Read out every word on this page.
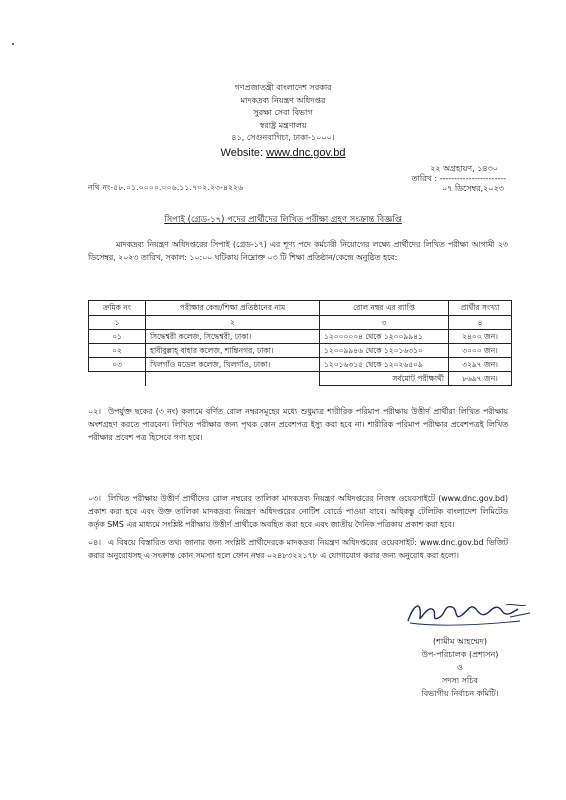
গণপ্রজাতন্ত্রী বাংলাদেশ সরকার
মাদকদ্রব্য নিয়ন্ত্রণ অধিদপ্তর
সুরক্ষা সেবা বিভাগ
স্বরাষ্ট্র মন্ত্রণালয়
৪১, সেগুনবাগিচা, ঢাকা-১০০০।
Website: www.dnc.gov.bd
২২ অগ্রহায়ণ, ১৪৩০
তারিখ : -----------------------
০৭ ডিসেম্বর,২০২৩
নথি নং-৫৮.০১.০০০০.০০৬.১১.৭০২.২৩-৪২২৬
সিপাই (গ্রেড-১৭) পদের প্রার্থীদের লিখিত পরীক্ষা গ্রহণ সংক্রান্ত বিজ্ঞপ্তি
মাদকদ্রব্য নিয়ন্ত্রণ অধিদপ্তরের সিপাই (গ্রেড-১৭) এর শূণ্য পদে কর্মচারী নিয়োগের লক্ষ্যে প্রার্থীদের লিখিত পরীক্ষা আগামী ২৩ ডিসেম্বর, ২০২৩ তারিখ, সকাল: ১০:০০ ঘটিকায় নিম্নোক্ত ০৩ টি শিক্ষা প্রতিষ্ঠান/কেন্দ্রে অনুষ্ঠিত হবে:
ক্রমিক নং	পরীক্ষার কেন্দ্র/শিক্ষা প্রতিষ্ঠানের নাম	রোল নম্বর এর ব্যাপ্তি	প্রার্থীর সংখ্যা
১	২	৩	৪
০১	সিদ্ধেশ্বরী কলেজ, সিদ্ধেশ্বরী, ঢাকা।	১২০০০০০৪ থেকে ১২০০৯৯৪১	২৪০০ জন।
০২	হাবীবুল্লাহ্ বাহার কলেজ, শান্তিনগর, ঢাকা।	১২০০৯৯৪৬ থেকে ১২০১৬৩১০	৩০০০ জন।
০৩	খিলগাঁও মডেল কলেজ, খিলগাঁও, ঢাকা।	১২০১৬৩১৫ থেকে ১২০২৬৫০৯	৩২৯৭ জন।
		সর্বমোট পরীক্ষার্থী	৮৬৯৭ জন।
০২। উপর্যুক্ত ছকের (৩ নং) কলামে বর্ণিত রোল নম্বরসমূহের মধ্যে শুধুমাত্র শারীরিক পরিমাপ পরীক্ষায় উত্তীর্ণ প্রার্থীরা লিখিত পরীক্ষায় অংশগ্রহণ করতে পারবেন। লিখিত পরীক্ষার জন্য পৃথক কোন প্রবেশপত্র ইস্যু করা হবে না। শারীরিক পরিমাপ পরীক্ষার প্রবেশপত্রই লিখিত পরীক্ষার প্রবেশ পত্র হিসেবে গণ্য হবে।
০৩। লিখিত পরীক্ষায় উত্তীর্ণ প্রার্থীদের রোল নম্বরের তালিকা মাদকদ্রব্য নিয়ন্ত্রণ অধিদপ্তরের নিজস্ব ওয়েবসাইটে (www.dnc.gov.bd) প্রকাশ করা হবে এবং উক্ত তালিকা মাদকদ্রব্য নিয়ন্ত্রণ অধিদপ্তরের নোটিশ বোর্ডে পাওয়া যাবে। অধিকন্তু টেলিটক বাংলাদেশ লিমিটেড কর্তৃক SMS এর মাধ্যমে সংশ্লিষ্ট পরীক্ষায় উত্তীর্ণ প্রার্থীকে অবহিত করা হবে এবং জাতীয় দৈনিক পত্রিকায় প্রকাশ করা হবে।
০৪। এ বিষয়ে বিস্তারিত তথ্য জানার জন্য সংশ্লিষ্ট প্রার্থীদেরকে মাদকদ্রব্য নিয়ন্ত্রণ অধিদপ্তরের ওয়েবসাইট: www.dnc.gov.bd ভিজিট করার অনুরোধসহ এ সংক্রান্ত কোন সমস্যা হলে ফোন নম্বর ০২৪৮৩২২১৭৮ এ যোগাযোগ করার জন্য অনুরোধ করা হলো।
(শামীম আহম্মেদ)
উপ-পরিচালক (প্রশাসন)
ও
সদস্য সচিব
বিভাগীয় নির্বাচন কমিটি।
